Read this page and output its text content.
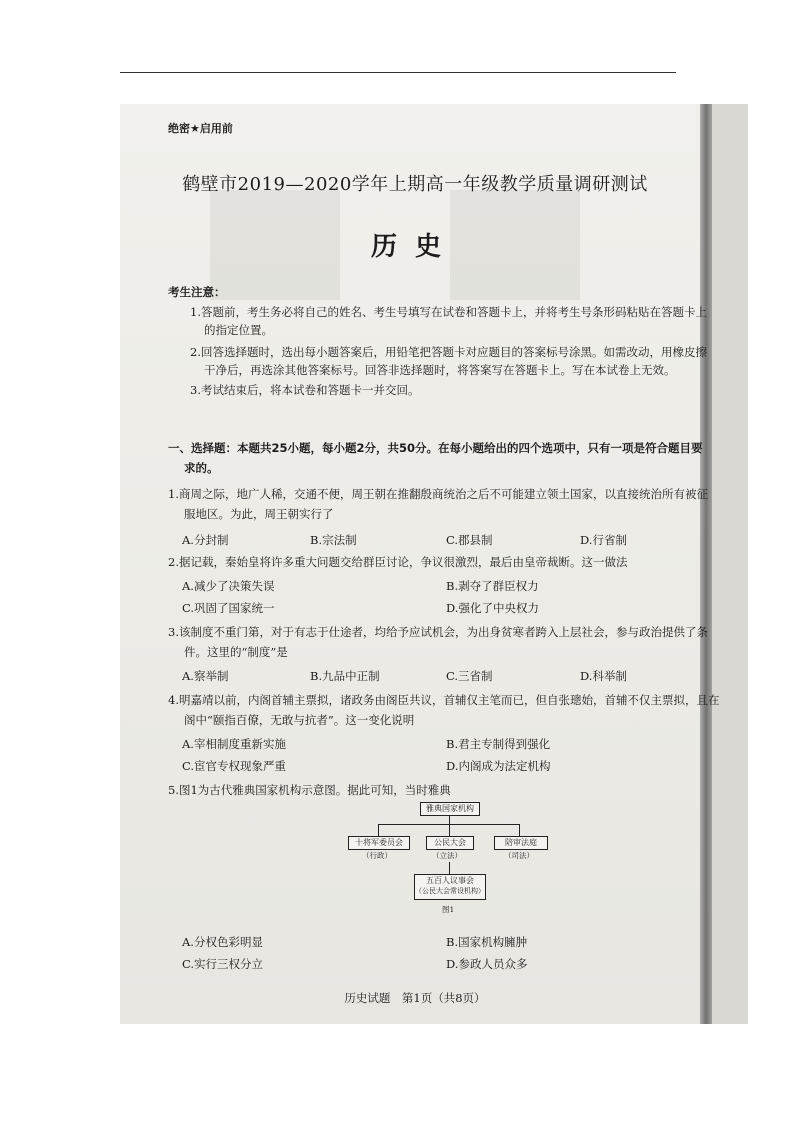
绝密★启用前
鹤壁市2019—2020学年上期高一年级教学质量调研测试
历史
考生注意：
1.答题前，考生务必将自己的姓名、考生号填写在试卷和答题卡上，并将考生号条形码粘贴在答题卡上
的指定位置。
2.回答选择题时，选出每小题答案后，用铅笔把答题卡对应题目的答案标号涂黑。如需改动，用橡皮擦
干净后，再选涂其他答案标号。回答非选择题时，将答案写在答题卡上。写在本试卷上无效。
3.考试结束后，将本试卷和答题卡一并交回。
一、选择题：本题共25小题，每小题2分，共50分。在每小题给出的四个选项中，只有一项是符合题目要
求的。
1.商周之际，地广人稀，交通不便，周王朝在推翻殷商统治之后不可能建立领土国家，以直接统治所有被征
服地区。为此，周王朝实行了
A.分封制	B.宗法制	C.郡县制	D.行省制
2.据记载，秦始皇将许多重大问题交给群臣讨论，争议很激烈，最后由皇帝裁断。这一做法
A.减少了决策失误	B.剥夺了群臣权力
C.巩固了国家统一	D.强化了中央权力
3.该制度不重门第，对于有志于仕途者，均给予应试机会，为出身贫寒者跨入上层社会，参与政治提供了条
件。这里的“制度”是
A.察举制	B.九品中正制	C.三省制	D.科举制
4.明嘉靖以前，内阁首辅主票拟，诸政务由阁臣共议，首辅仅主笔而已，但自张璁始，首辅不仅主票拟，且在
阁中“颐指百僚，无敢与抗者”。这一变化说明
A.宰相制度重新实施	B.君主专制得到强化
C.宦官专权现象严重	D.内阁成为法定机构
5.图1为古代雅典国家机构示意图。据此可知，当时雅典
雅典国家机构
十将军委员会
（行政）
公民大会
（立法）
陪审法庭
（司法）
五百人议事会
（公民大会常设机构）
图1
A.分权色彩明显	B.国家机构臃肿
C.实行三权分立	D.参政人员众多
历史试题　第1页（共8页）
